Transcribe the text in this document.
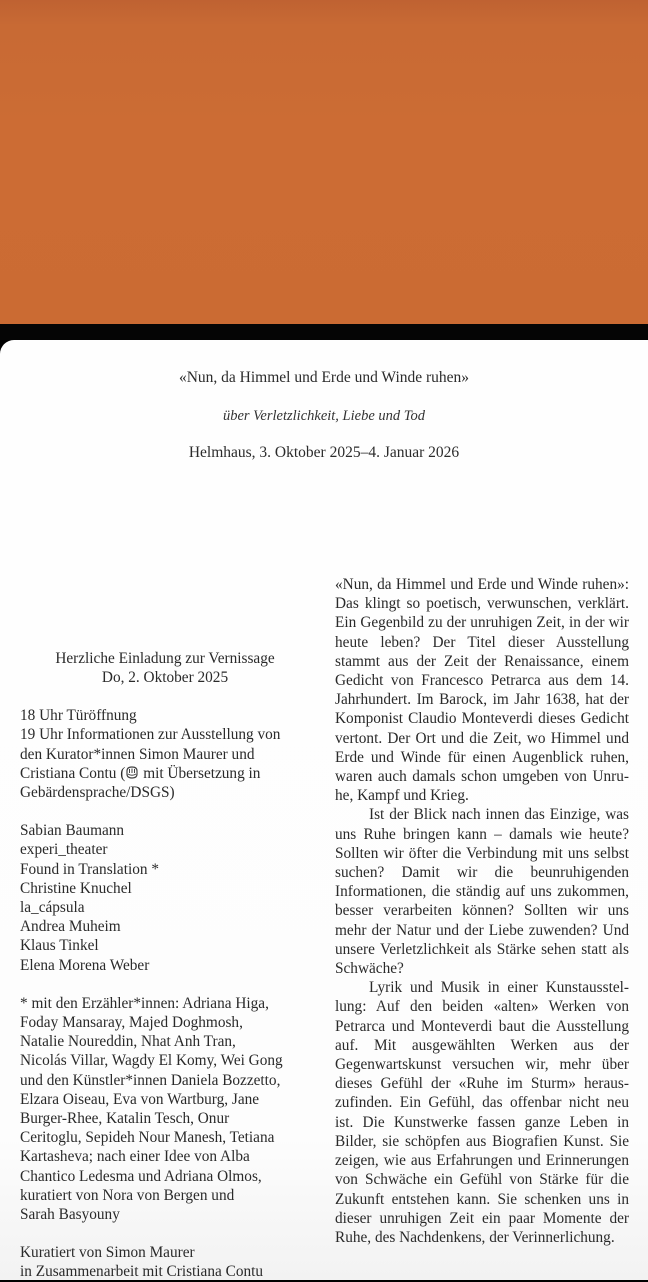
«Nun, da Himmel und Erde und Winde ruhen»

über Verletzlichkeit, Liebe und Tod

Helmhaus, 3. Oktober 2025–4. Januar 2026

Herzliche Einladung zur Vernissage
Do, 2. Oktober 2025
18 Uhr Türöffnung
19 Uhr Informationen zur Ausstellung von
den Kurator*innen Simon Maurer und
Cristiana Contu ( mit Übersetzung in
Gebärdensprache/DSGS)
Sabian Baumann
experi_theater
Found in Translation *
Christine Knuchel
la_cápsula
Andrea Muheim
Klaus Tinkel
Elena Morena Weber
* mit den Erzähler*innen: Adriana Higa,
Foday Mansaray, Majed Doghmosh,
Natalie Noureddin, Nhat Anh Tran,
Nicolás Villar, Wagdy El Komy, Wei Gong
und den Künstler*innen Daniela Bozzetto,
Elzara Oiseau, Eva von Wartburg, Jane
Burger-Rhee, Katalin Tesch, Onur
Ceritoglu, Sepideh Nour Manesh, Tetiana
Kartasheva; nach einer Idee von Alba
Chantico Ledesma und Adriana Olmos,
kuratiert von Nora von Bergen und
Sarah Basyouny
Kuratiert von Simon Maurer
in Zusammenarbeit mit Cristiana Contu

«Nun, da Himmel und Erde und Winde ruhen»: Das klingt so poetisch, verwunschen, verklärt. Ein Gegenbild zu der unruhigen Zeit, in der wir heute leben? Der Titel dieser Ausstellung stammt aus der Zeit der Renaissance, einem Gedicht von Francesco Petrarca aus dem 14. Jahrhundert. Im Barock, im Jahr 1638, hat der Komponist Claudio Monteverdi dieses Gedicht vertont. Der Ort und die Zeit, wo Himmel und Erde und Winde für einen Augenblick ruhen, waren auch damals schon umgeben von Unruhe, Kampf und Krieg.

Ist der Blick nach innen das Einzige, was uns Ruhe bringen kann – damals wie heute? Sollten wir öfter die Verbindung mit uns selbst suchen? Damit wir die beunruhigenden Informationen, die ständig auf uns zukommen, besser verarbeiten können? Sollten wir uns mehr der Natur und der Liebe zuwenden? Und unsere Verletzlichkeit als Stärke sehen statt als Schwäche?

Lyrik und Musik in einer Kunstausstellung: Auf den beiden «alten» Werken von Petrarca und Monteverdi baut die Ausstellung auf. Mit ausgewählten Werken aus der Gegenwartskunst versuchen wir, mehr über dieses Gefühl der «Ruhe im Sturm» herauszufinden. Ein Gefühl, das offenbar nicht neu ist. Die Kunstwerke fassen ganze Leben in Bilder, sie schöpfen aus Biografien Kunst. Sie zeigen, wie aus Erfahrungen und Erinnerungen von Schwäche ein Gefühl von Stärke für die Zukunft entstehen kann. Sie schenken uns in dieser unruhigen Zeit ein paar Momente der Ruhe, des Nachdenkens, der Verinnerlichung.
